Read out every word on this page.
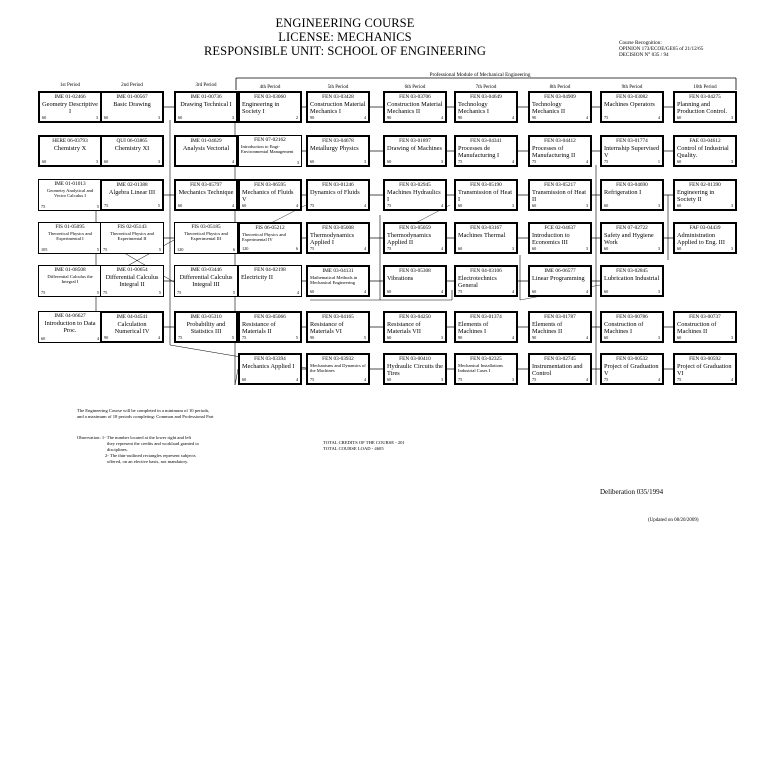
ENGINEERING COURSE
LICENSE: MECHANICS
RESPONSIBLE UNIT: SCHOOL OF ENGINEERING
Course Recognition:
OPINION 173/ECOE/GE65 of 21/12/65
DECISION N° 035 / 94
Professional Module of Mechanical Engineering
1st Period	2nd Period	3rd Period	4th Period	5th Period	6th Period	7th Period	8th Period	9th Period	10th Period
IME 01-02466
Geometry Descriptive I
60	3
IME 01-00567
Basic Drawing
60	3
IME 01-00736
Drawing Technical I
60	3
FEN 03-03060
Engineering in Society I
2
FEN 03-03428
Construction Material Mechanics I
90	4
FEN 03-03706
Construction Material Mechanics II
90	4
FEN 03-04649
Technology Mechanics I
90	4
FEN 03-04909
Technology Mechanics II
90	4
FEN 03-03082
Machines Operators
75	4
FEN 03-04275
Planning and Production Control.
60	3
HERE 06-03793
Chemistry X
60	3
QUI 06-03865
Chemistry XI
60	3
IME 01-04629
Analysis Vectorial
4
FEN 07-02162
Introduction to Engi- Environmental Management
3
FEN 03-04678
Metallurgy Physics
60	3
FEN 03-01897
Drawing of Machines
60	3
FEN 03-04341
Processes de Manufacturing I
75	4
FEN 03-04412
Processes of Manufacturing II
75	4
FEN 03-01774
Internship Supervised V
75	1
FAE 03-04612
Control of Industrial Quality.
60	3
IME 01-01013
Geometry Analytical and Vector Calculus I
75	5
IME 02-01388
Algebra Linear III
75	5
FEN 03-05797
Mechanics Technique
60	4
FEN 03-06595
Mechanics of Fluids V
60	4
FEN 03-01246
Dynamics of Fluids
75	4
FEN 03-02945
Machines Hydraulics I
75	4
FEN 03-05190
Transmission of Heat I
60	3
FEN 03-05217
Transmission of Heat II
60	3
FEN 03-04690
Refrigeration I
60	3
FEN 02-01390
Engineering in Society II
60	3
FIS 01-05095
Theoretical Physics and Experimental I
105	5
FIS 02-05143
Theoretical Physics and Experimental II
75	5
FIS 03-05185
Theoretical Physics and Experimental III
120	6
FIS 06-05212
Theoretical Physics and Experimental IV
120	6
FEN 03-05008
Thermodynamics Applied I
75	4
FEN 03-05059
Thermodynamics Applied II
75	4
FEN 03-03167
Machines Thermal
60	3
FCE 02-04637
Introduction to Economics III
60	3
FEN 07-02722
Safety and Hygiene Work
60	3
FAF 03-04439
Administration Applied to Eng. III
60	3
IME 01-08508
Differential Calculus the Integral I
75	5
IME 01-00654
Differential Calculus Integral II
75	5
IME 03-03446
Differential Calculus Integral III
75	5
FEN 04-02198
Electricity II
4
IME 03-04131
Mathematical Methods in Mechanical Engineering
60	4
FEN 03-05308
Vibrations
60	4
FEN 04-03106
Electrotechnics General
75	4
IME 06-06577
Linear Programming
60	4
FEN 03-02845
Lubrication Industrial
60	3
IME 04-06627
Introduction to Data Proc.
60	4
IME 04-04541
Calculation Numerical IV
90	4
IME 03-05310
Probability and Statistics III
75	5
FEN 03-05066
Resistance of Materials II
75	5
FEN 03-04165
Resistance of Materials VI
90	5
FEN 03-04250
Resistance of Materials VII
60	3
FEN 03-01374
Elements of Machines I
90	4
FEN 03-01787
Elements of Machines II
90	4
FEN 03-00786
Construction of Machines I
60	3
FEN 03-00737
Construction of Machines II
60	3
FEN 03-03394
Mechanics Applied I
60	4
FEN 03-03932
Mechanisms and Dynamics of the Machines
75	4
FEN 03-00410
Hydraulic Circuits the Tires
60	3
FEN 03-02325
Mechanical Installations Industrial Cases I
75	3
FEN 03-02745
Instrumentation and Control
75	4
FEN 03-00532
Project of Graduation V
75	4
FEN 03-00592
Project of Graduation VI
75	4
The Engineering Course will be completed in a minimum of 10 periods,
and a maximum of 18 periods completing: Common and Professional Part
Observation: 1- The number located at the lower right and left
they represent the credits and workload granted to
disciplines.
2- The thin-outlined rectangles represent subjects
offered, on an elective basis, not mandatory.
TOTAL CREDITS OF THE COURSE - 201
TOTAL COURSE LOAD - 4605
Deliberation 035/1994
(Updated on 08/20/2009)
